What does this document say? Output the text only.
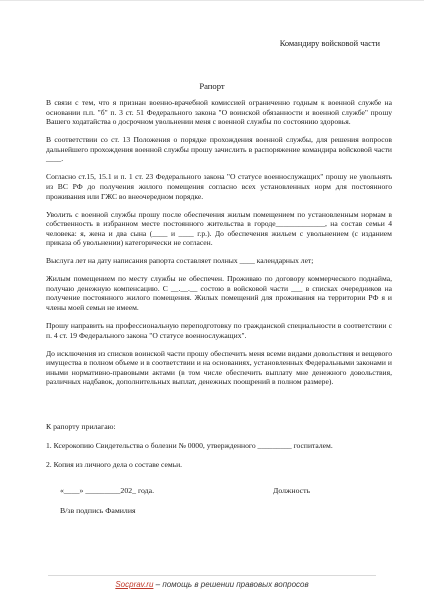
Командиру войсковой части
Рапорт

В связи с тем, что я признан военно-врачебной комиссией ограниченно годным к военной службе на основании п.п. "б" п. 3 ст. 51 Федерального закона "О воинской обязанности и военной службе" прошу Вашего ходатайства о досрочном увольнении меня с военной службы по состоянию здоровья.

В соответствии со ст. 13 Положения о порядке прохождения военной службы, для решения вопросов дальнейшего прохождения военной службы прошу зачислить в распоряжение командира войсковой части ____.

Согласно ст.15, 15.1 и п. 1 ст. 23 Федерального закона "О статусе военнослужащих" прошу не увольнять из ВС РФ до получения жилого помещения согласно всех установленных норм для постоянного проживания или ГЖС во внеочередном порядке.

Уволить с военной службы прошу после обеспечения жилым помещением по установленным нормам в собственность в избранном месте постоянного жительства в городе_____________, на состав семьи 4 человека: я, жена и два сына (____ и ____ г.р.). До обеспечения жильем с увольнением (с изданием приказа об увольнении) категорически не согласен.

Выслуга лет на дату написания рапорта составляет полных ____ календарных лет;

Жилым помещением по месту службы не обеспечен. Проживаю по договору коммерческого поднайма, получаю денежную компенсацию. С __.__.__ состою в войсковой части ___ в списках очередников на получение постоянного жилого помещения. Жилых помещений для проживания на территории РФ я и члены моей семьи не имеем.

Прошу направить на профессиональную переподготовку по гражданской специальности в соответствии с п. 4 ст. 19 Федерального закона "О статусе военнослужащих".

До исключения из списков воинской части прошу обеспечить меня всеми видами довольствия и вещевого имущества в полном объеме и в соответствии и на основаниях, установленных Федеральными законами и иными нормативно-правовыми актами (в том числе обеспечить выплату мне денежного довольствия, различных надбавок, дополнительных выплат, денежных поощрений в полном размере).

К рапорту прилагаю:
1. Ксерокопию Свидетельства о болезни № 0000, утвержденного _________ госпиталем.
2. Копия из личного дела о составе семьи.
«____» _________202_ года.	Должность
В/зв подпись Фамилия
Socprav.ru – помощь в решении правовых вопросов
